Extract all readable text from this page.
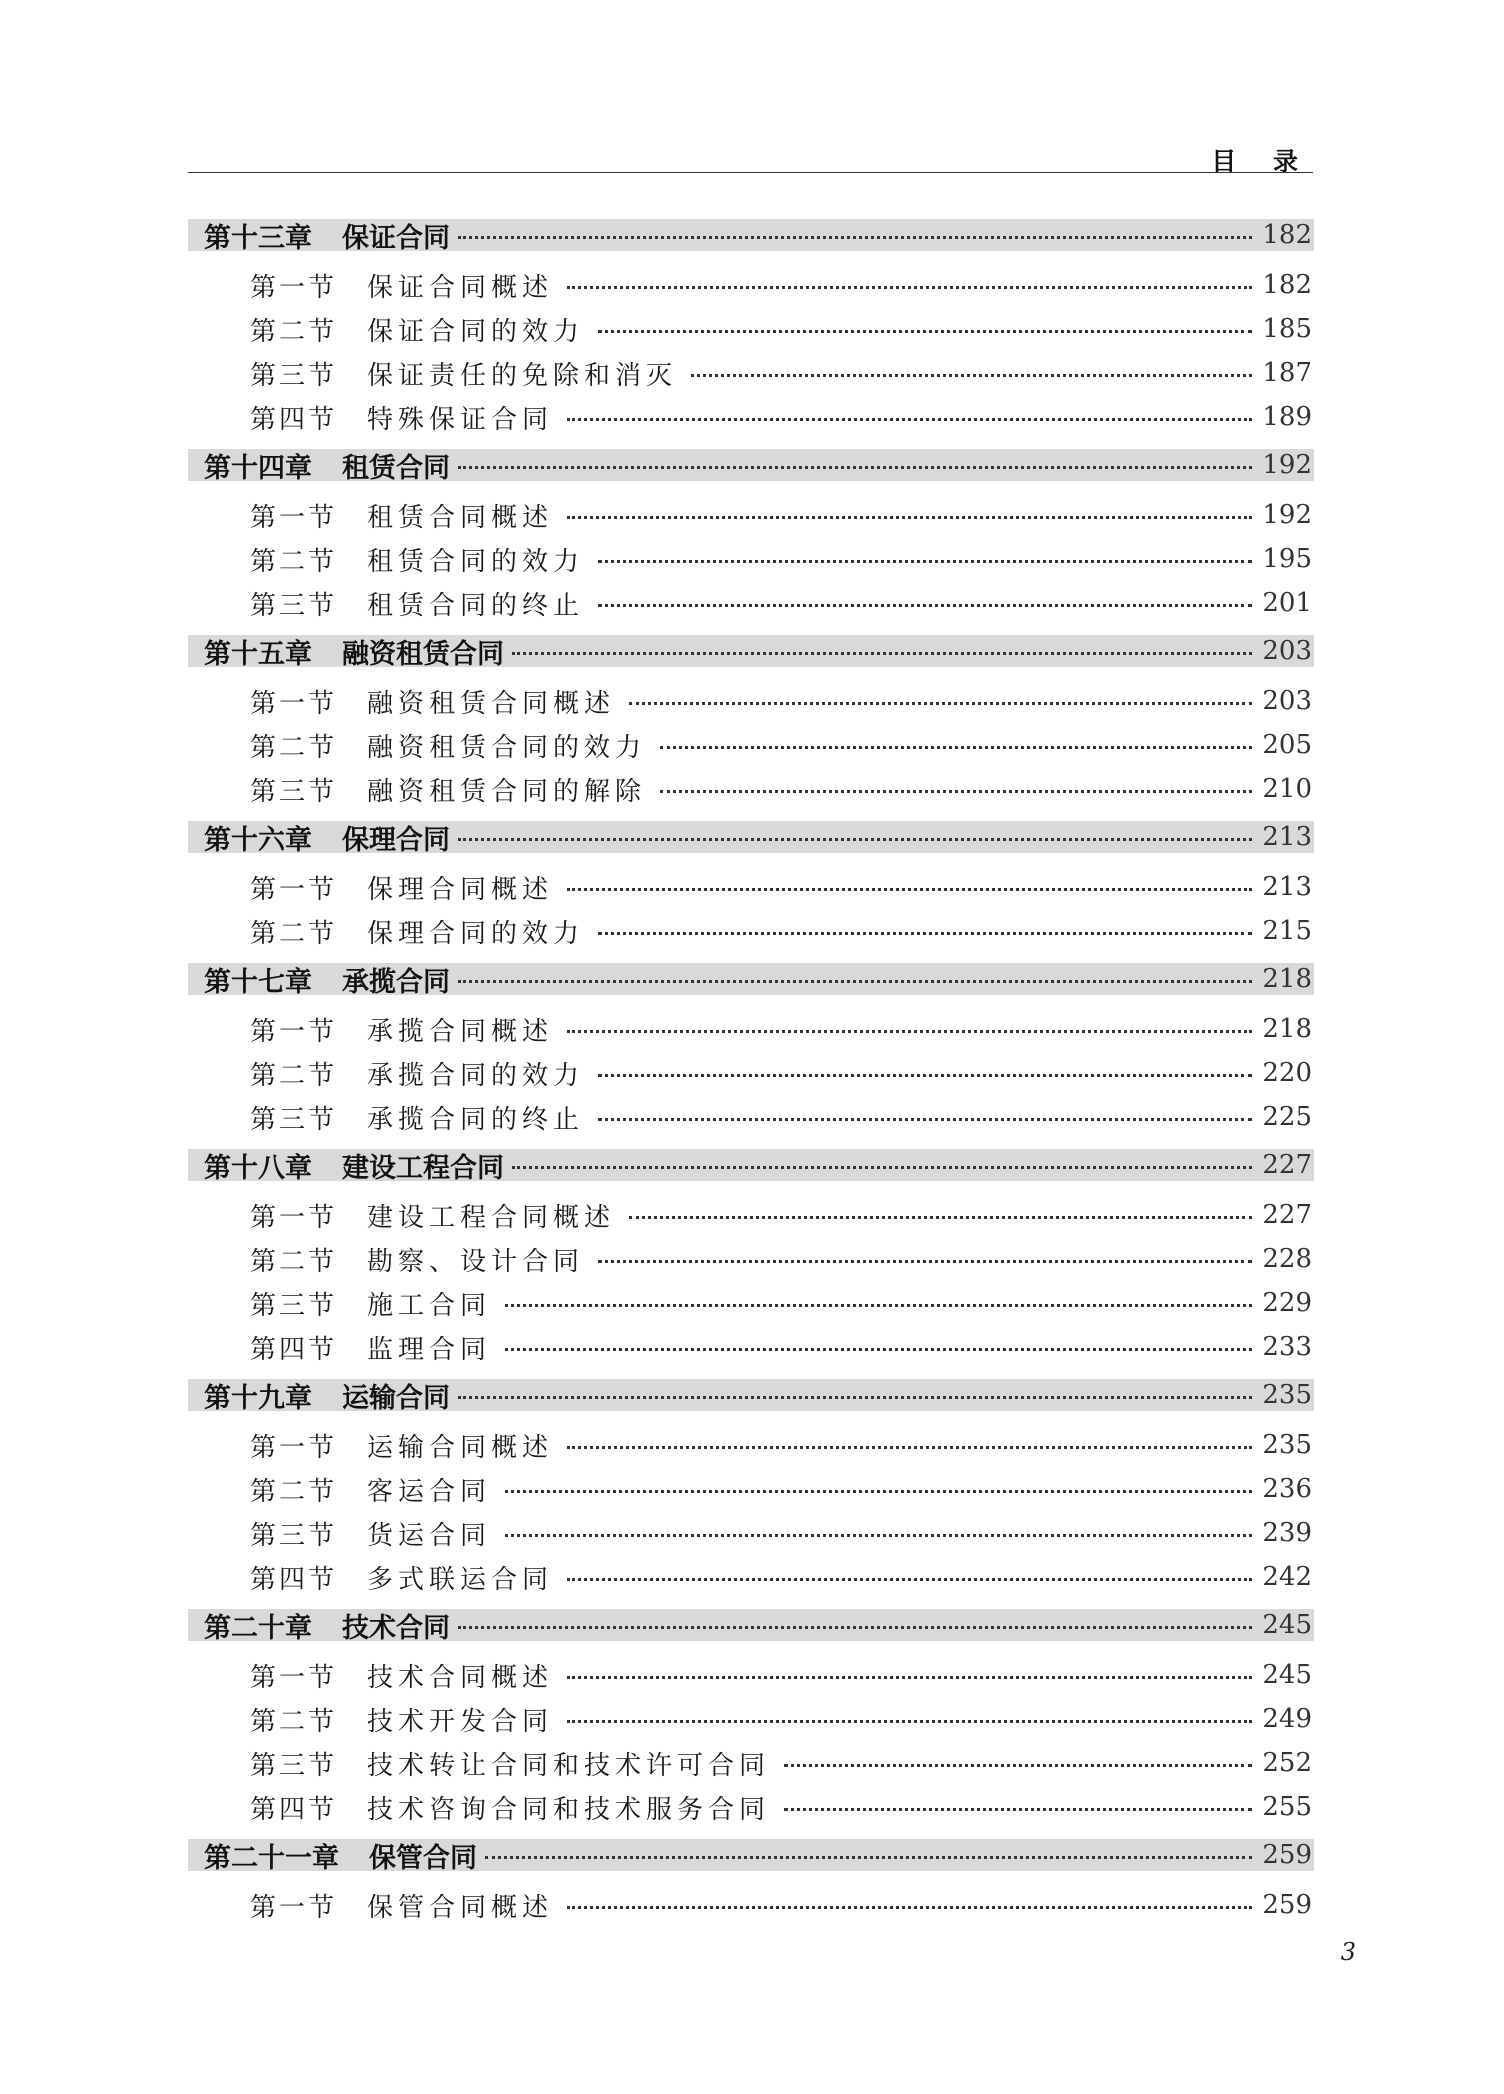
目 录
第十三章 保证合同	182
第一节 保证合同概述	182
第二节 保证合同的效力	185
第三节 保证责任的免除和消灭	187
第四节 特殊保证合同	189
第十四章 租赁合同	192
第一节 租赁合同概述	192
第二节 租赁合同的效力	195
第三节 租赁合同的终止	201
第十五章 融资租赁合同	203
第一节 融资租赁合同概述	203
第二节 融资租赁合同的效力	205
第三节 融资租赁合同的解除	210
第十六章 保理合同	213
第一节 保理合同概述	213
第二节 保理合同的效力	215
第十七章 承揽合同	218
第一节 承揽合同概述	218
第二节 承揽合同的效力	220
第三节 承揽合同的终止	225
第十八章 建设工程合同	227
第一节 建设工程合同概述	227
第二节 勘察、设计合同	228
第三节 施工合同	229
第四节 监理合同	233
第十九章 运输合同	235
第一节 运输合同概述	235
第二节 客运合同	236
第三节 货运合同	239
第四节 多式联运合同	242
第二十章 技术合同	245
第一节 技术合同概述	245
第二节 技术开发合同	249
第三节 技术转让合同和技术许可合同	252
第四节 技术咨询合同和技术服务合同	255
第二十一章 保管合同	259
第一节 保管合同概述	259
3
